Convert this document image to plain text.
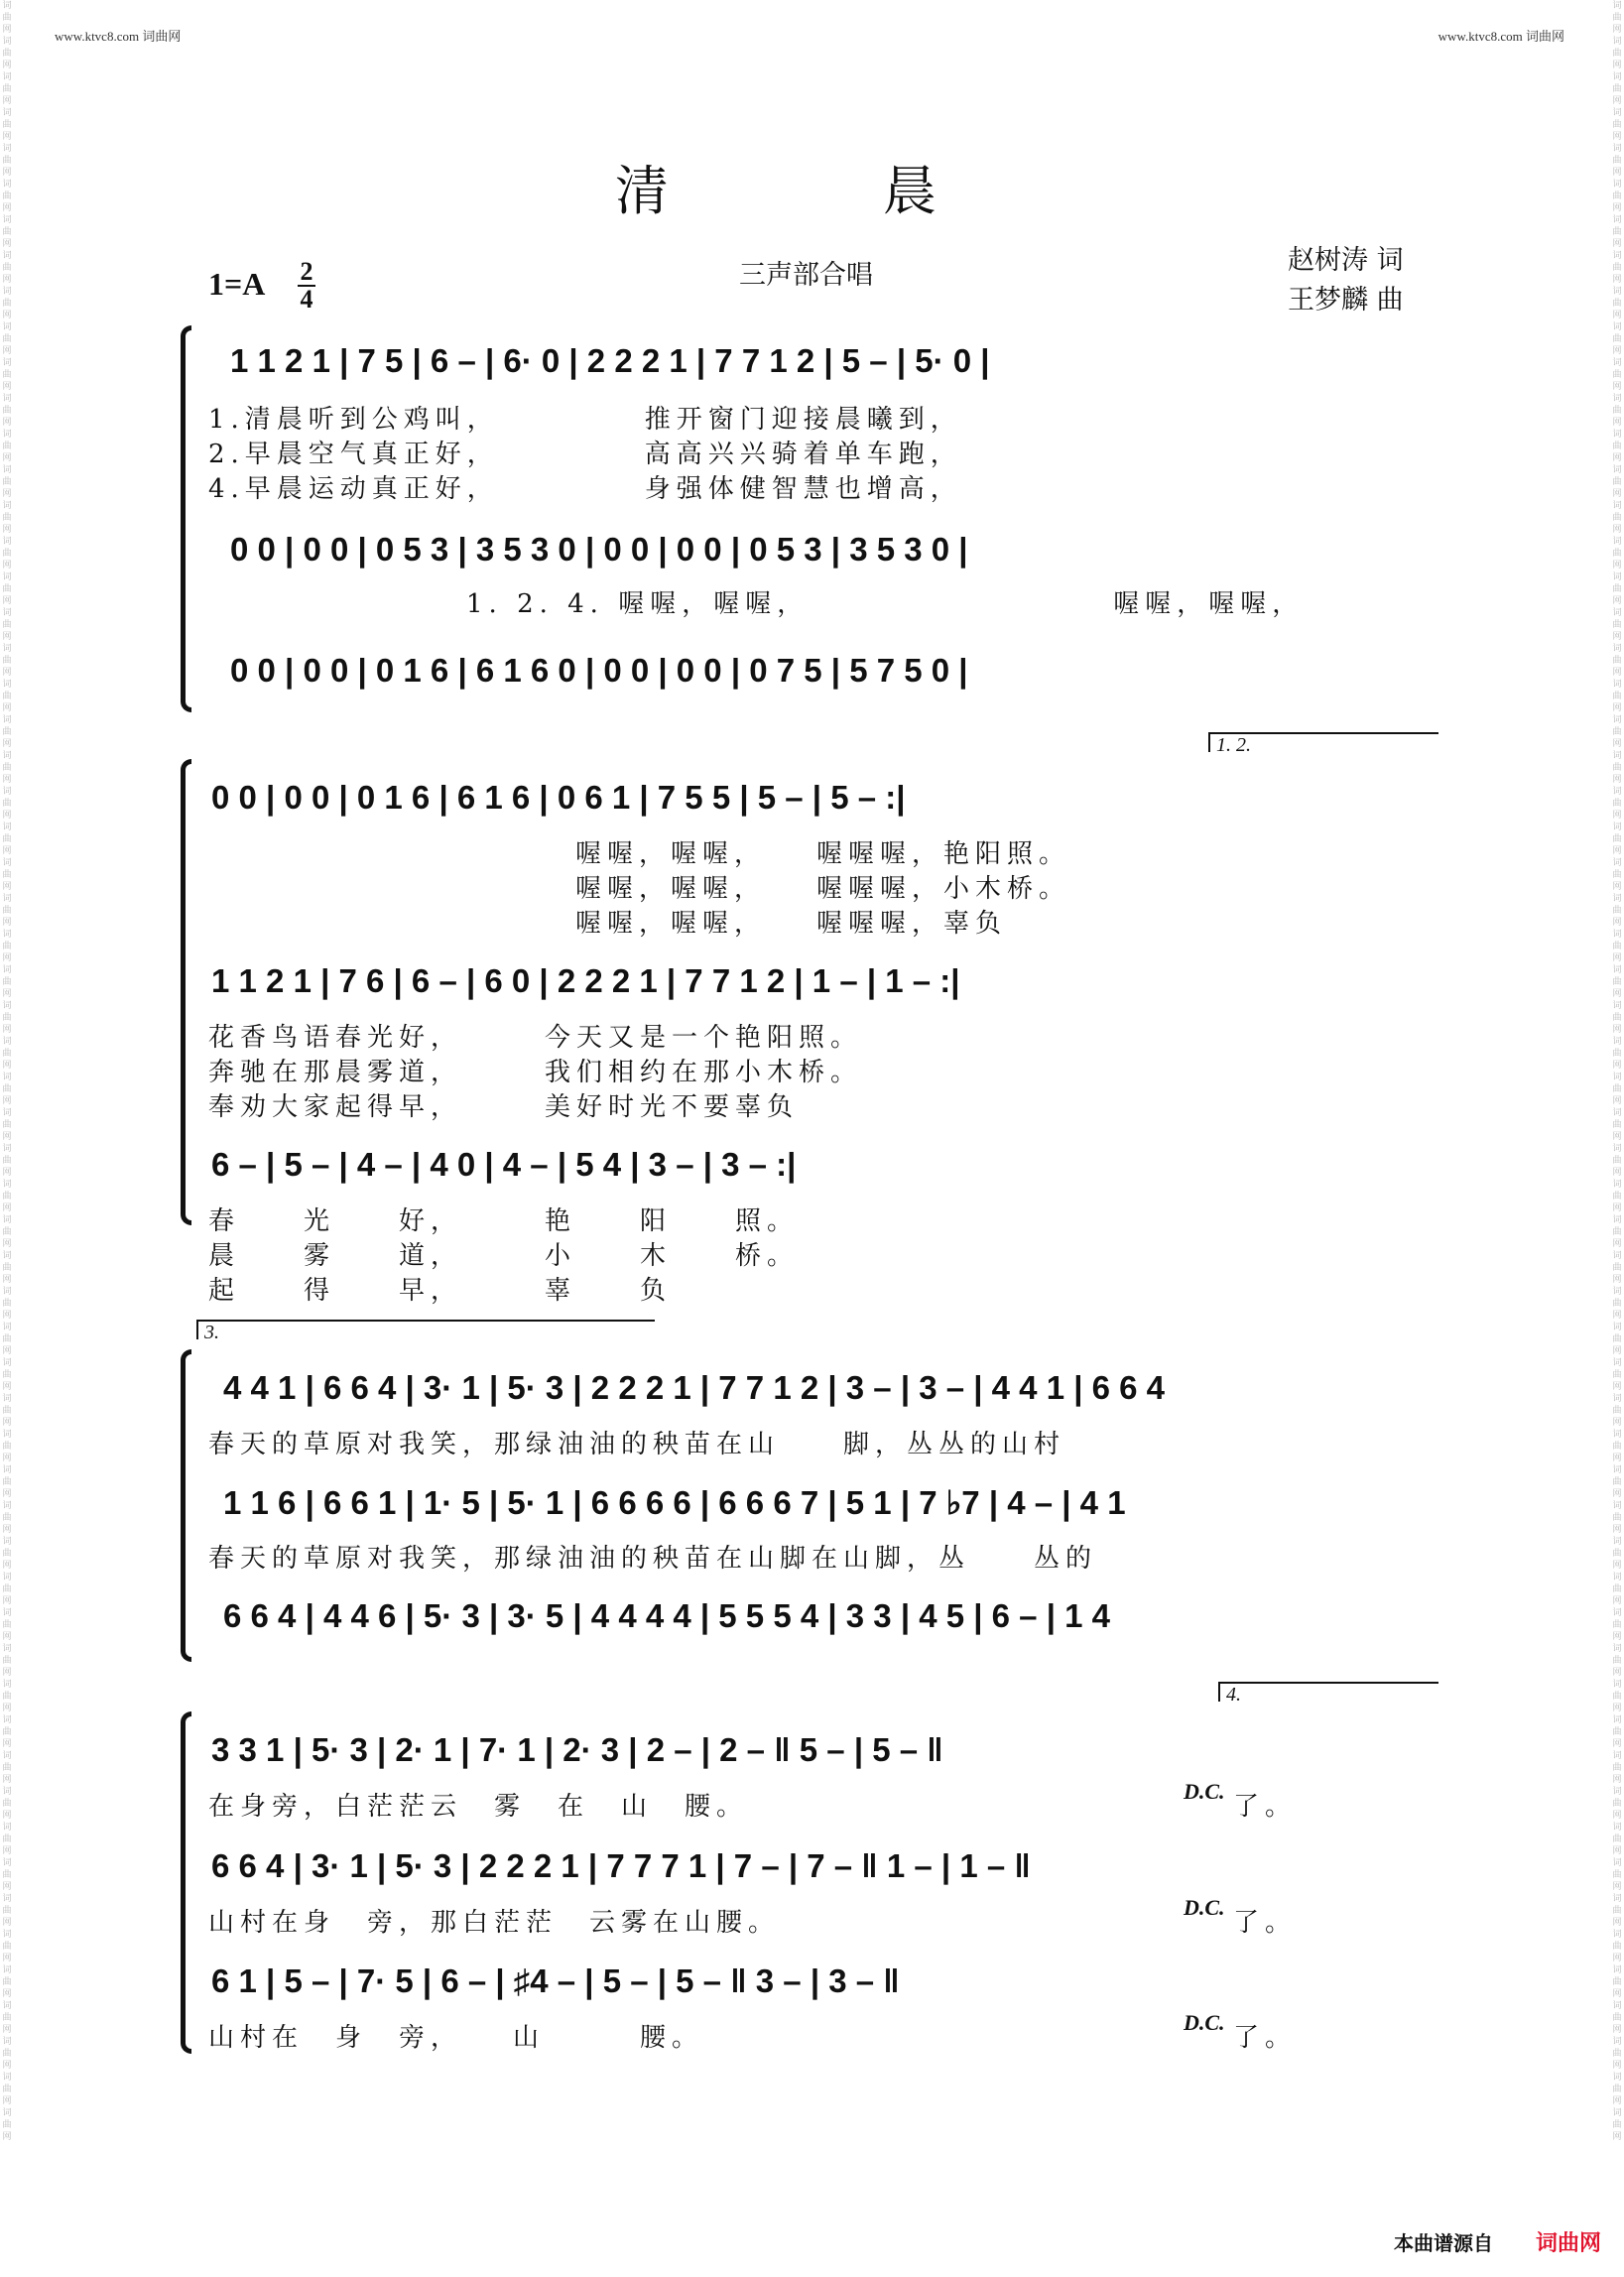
词曲网
词曲网
词曲网
词曲网
词曲网
词曲网
词曲网
词曲网
词曲网
词曲网
词曲网
词曲网
词曲网
词曲网
词曲网
词曲网
词曲网
词曲网
词曲网
词曲网
词曲网
词曲网
词曲网
词曲网
词曲网
词曲网
词曲网
词曲网
词曲网
词曲网
词曲网
词曲网
词曲网
词曲网
词曲网
词曲网
词曲网
词曲网
词曲网
词曲网
词曲网
词曲网
词曲网
词曲网
词曲网
词曲网
词曲网
词曲网
词曲网
词曲网
词曲网
词曲网
词曲网
词曲网
词曲网
词曲网
词曲网
词曲网
词曲网
词曲网
词曲网
词曲网
词曲网
词曲网
词曲网
词曲网
词曲网
词曲网
词曲网
词曲网
词曲网
词曲网
词曲网
词曲网
词曲网
词曲网
词曲网
词曲网
词曲网
词曲网
词曲网
词曲网
词曲网
词曲网
词曲网
词曲网
词曲网
词曲网
词曲网
词曲网
词曲网
词曲网
词曲网
词曲网
词曲网
词曲网
词曲网
词曲网
词曲网
词曲网
词曲网
词曲网
词曲网
词曲网
词曲网
词曲网
词曲网
词曲网
词曲网
词曲网
词曲网
词曲网
词曲网
词曲网
词曲网
词曲网
词曲网
词曲网
词曲网
词曲网
www.ktvc8.com 词曲网	www.ktvc8.com 词曲网
清　　　　晨
三声部合唱
1=A 2
4
赵树涛 词
王梦麟 曲
1 1 2 1 | 7 5 | 6 – | 6· 0 | 2 2 2 1 | 7 7 1 2 | 5 – | 5· 0 |
1.清晨听到公鸡叫，　　　　　推开窗门迎接晨曦到，
2.早晨空气真正好，　　　　　高高兴兴骑着单车跑，
4.早晨运动真正好，　　　　　身强体健智慧也增高，
0 0 | 0 0 | 0 5 3 | 3 5 3 0 | 0 0 | 0 0 | 0 5 3 | 3 5 3 0 |
1. 2. 4. 喔喔，喔喔，　　　　　　　　　　喔喔，喔喔，
0 0 | 0 0 | 0 1 6 | 6 1 6 0 | 0 0 | 0 0 | 0 7 5 | 5 7 5 0 |
1. 2.
0 0 | 0 0 | 0 1 6 | 6 1 6 | 0 6 1 | 7 5 5 | 5 – | 5 – :|
喔喔，喔喔，　　喔喔喔，艳阳照。
喔喔，喔喔，　　喔喔喔，小木桥。
喔喔，喔喔，　　喔喔喔，辜负
1 1 2 1 | 7 6 | 6 – | 6 0 | 2 2 2 1 | 7 7 1 2 | 1 – | 1 – :|
花香鸟语春光好，　　　今天又是一个艳阳照。
奔驰在那晨雾道，　　　我们相约在那小木桥。
奉劝大家起得早，　　　美好时光不要辜负
6 – | 5 – | 4 – | 4 0 | 4 – | 5 4 | 3 – | 3 – :|
春　　光　　好，　　　艳　　阳　　照。
晨　　雾　　道，　　　小　　木　　桥。
起　　得　　早，　　　辜　　负
3.
4 4 1 | 6 6 4 | 3· 1 | 5· 3 | 2 2 2 1 | 7 7 1 2 | 3 – | 3 – | 4 4 1 | 6 6 4
春天的草原对我笑，那绿油油的秧苗在山　　脚，丛丛的山村
1 1 6 | 6 6 1 | 1· 5 | 5· 1 | 6 6 6 6 | 6 6 6 7 | 5 1 | 7 ♭7 | 4 – | 4 1
春天的草原对我笑，那绿油油的秧苗在山脚在山脚，丛　　丛的
6 6 4 | 4 4 6 | 5· 3 | 3· 5 | 4 4 4 4 | 5 5 5 4 | 3 3 | 4 5 | 6 – | 1 4
4.
3 3 1 | 5· 3 | 2· 1 | 7· 1 | 2· 3 | 2 – | 2 – ‖ 5 – | 5 – ‖
在身旁，白茫茫云　雾　在　山　腰。
D.C.
了。
6 6 4 | 3· 1 | 5· 3 | 2 2 2 1 | 7 7 7 1 | 7 – | 7 – ‖ 1 – | 1 – ‖
山村在身　旁，那白茫茫　云雾在山腰。
D.C.
了。
6 1 | 5 – | 7· 5 | 6 – | ♯4 – | 5 – | 5 – ‖ 3 – | 3 – ‖
山村在　身　旁，　　山　　　腰。
D.C.
了。
本曲谱源自 词曲网
